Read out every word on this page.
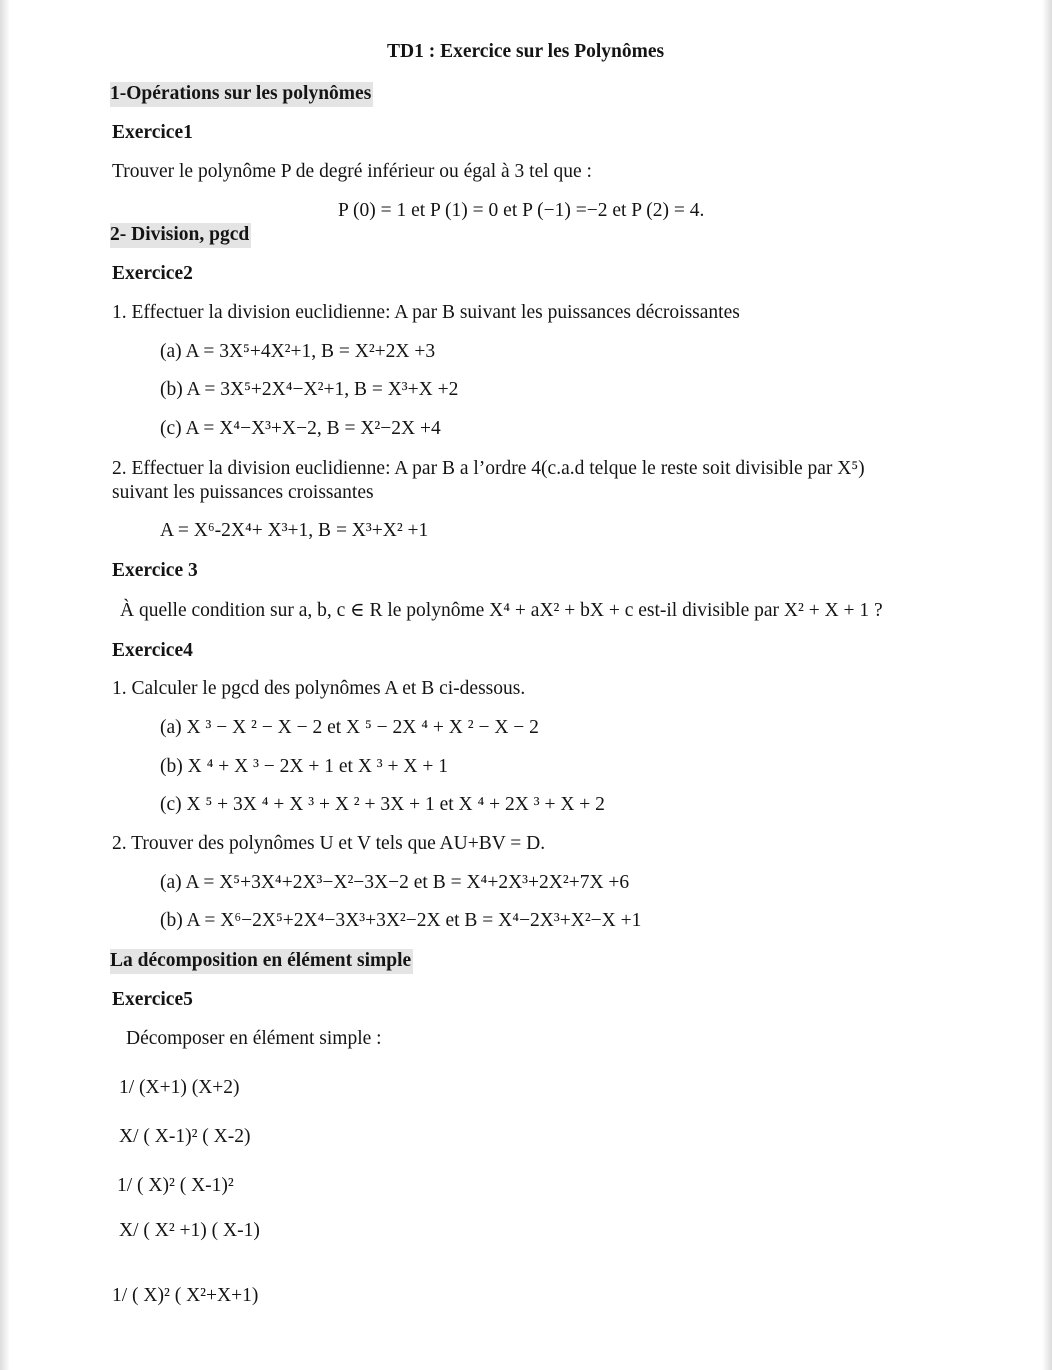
TD1 : Exercice sur les Polynômes
1-Opérations sur les polynômes
Exercice1
Trouver le polynôme P de degré inférieur ou égal à 3 tel que :
P (0) = 1 et P (1) = 0 et P (−1) =−2 et P (2) = 4.
2- Division, pgcd
Exercice2
1. Effectuer la division euclidienne: A par B suivant les puissances décroissantes
(a) A = 3X⁵+4X²+1, B = X²+2X +3
(b) A = 3X⁵+2X⁴−X²+1, B = X³+X +2
(c) A = X⁴−X³+X−2, B = X²−2X +4
2. Effectuer la division euclidienne: A par B a l’ordre 4(c.a.d telque le reste soit divisible par X⁵)
suivant les puissances croissantes
A = X⁶-2X⁴+ X³+1, B = X³+X² +1
Exercice 3
À quelle condition sur a, b, c ∈ R le polynôme X⁴ + aX² + bX + c est-il divisible par X² + X + 1 ?
Exercice4
1. Calculer le pgcd des polynômes A et B ci-dessous.
(a) X ³ − X ² − X − 2 et X ⁵ − 2X ⁴ + X ² − X − 2
(b) X ⁴ + X ³ − 2X + 1 et X ³ + X + 1
(c) X ⁵ + 3X ⁴ + X ³ + X ² + 3X + 1 et X ⁴ + 2X ³ + X + 2
2. Trouver des polynômes U et V tels que AU+BV = D.
(a) A = X⁵+3X⁴+2X³−X²−3X−2 et B = X⁴+2X³+2X²+7X +6
(b) A = X⁶−2X⁵+2X⁴−3X³+3X²−2X et B = X⁴−2X³+X²−X +1
La décomposition en élément simple
Exercice5
Décomposer en élément simple :
1/ (X+1) (X+2)
X/ ( X-1)² ( X-2)
1/ ( X)² ( X-1)²
X/ ( X² +1) ( X-1)
1/ ( X)² ( X²+X+1)
